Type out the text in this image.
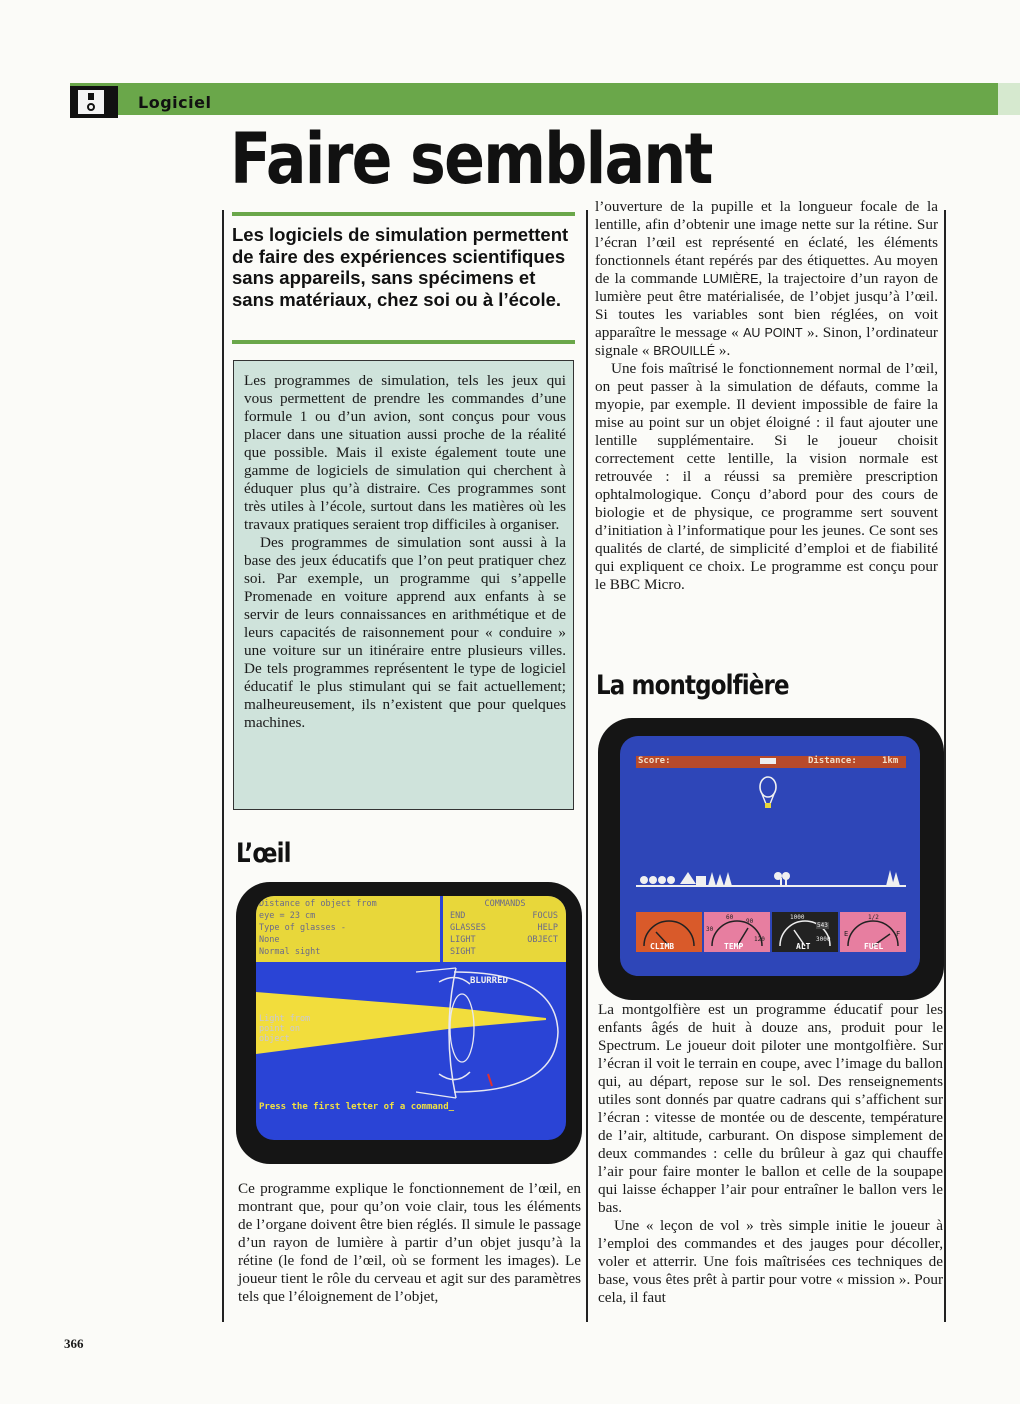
Logiciel
Faire semblant
Les logiciels de simulation permettent de faire des expériences scientifiques sans appareils, sans spécimens et sans matériaux, chez soi ou à l’école.

Les programmes de simulation, tels les jeux qui vous permettent de prendre les commandes d’une formule 1 ou d’un avion, sont conçus pour vous placer dans une situation aussi proche de la réalité que possible. Mais il existe également toute une gamme de logiciels de simulation qui cherchent à éduquer plus qu’à distraire. Ces programmes sont très utiles à l’école, surtout dans les matières où les travaux pratiques seraient trop difficiles à organiser.

Des programmes de simulation sont aussi à la base des jeux éducatifs que l’on peut pratiquer chez soi. Par exemple, un programme qui s’appelle Promenade en voiture apprend aux enfants à se servir de leurs connaissances en arithmétique et de leurs capacités de raisonnement pour « conduire » une voiture sur un itinéraire entre plusieurs villes. De tels programmes représentent le type de logiciel éducatif le plus stimulant qui se fait actuellement; malheureusement, ils n’existent que pour quelques machines.

L’œil
Distance of object from
eye = 23 cm
Type of glasses -
None
Normal sight
COMMANDS
END	FOCUS
GLASSES	HELP
LIGHT	OBJECT
SIGHT
BLURRED
Light from
point on
object
Press the first letter of a command_

Ce programme explique le fonctionnement de l’œil, en montrant que, pour qu’on voie clair, tous les éléments de l’organe doivent être bien réglés. Il simule le passage d’un rayon de lumière à partir d’un objet jusqu’à la rétine (le fond de l’œil, où se forment les images). Le joueur tient le rôle du cerveau et agit sur des paramètres tels que l’éloignement de l’objet,

l’ouverture de la pupille et la longueur focale de la lentille, afin d’obtenir une image nette sur la rétine. Sur l’écran l’œil est représenté en éclaté, les éléments fonctionnels étant repérés par des étiquettes. Au moyen de la commande LUMIÈRE, la trajectoire d’un rayon de lumière peut être matérialisée, de l’objet jusqu’à l’œil. Si toutes les variables sont bien réglées, on voit apparaître le message « AU POINT ». Sinon, l’ordinateur signale « BROUILLÉ ».

Une fois maîtrisé le fonctionnement normal de l’œil, on peut passer à la simulation de défauts, comme la myopie, par exemple. Il devient impossible de faire la mise au point sur un objet éloigné : il faut ajouter une lentille supplémentaire. Si le joueur choisit correctement cette lentille, la vision normale est retrouvée : il a réussi sa première prescription ophtalmologique. Conçu d’abord pour des cours de biologie et de physique, ce programme sert souvent d’initiation à l’informatique pour les jeunes. Ce sont ses qualités de clarté, de simplicité d’emploi et de fiabilité qui expliquent ce choix. Le programme est conçu pour le BBC Micro.

La montgolfière
Score:	Distance:	1km
CLIMB
30
60
90
120
TEMP
1000
543
3000
ALT
E
1/2
F
FUEL

La montgolfière est un programme éducatif pour les enfants âgés de huit à douze ans, produit pour le Spectrum. Le joueur doit piloter une montgolfière. Sur l’écran il voit le terrain en coupe, avec l’image du ballon qui, au départ, repose sur le sol. Des renseignements utiles sont donnés par quatre cadrans qui s’affichent sur l’écran : vitesse de montée ou de descente, température de l’air, altitude, carburant. On dispose simplement de deux commandes : celle du brûleur à gaz qui chauffe l’air pour faire monter le ballon et celle de la soupape qui laisse échapper l’air pour entraîner le ballon vers le bas.

Une « leçon de vol » très simple initie le joueur à l’emploi des commandes et des jauges pour décoller, voler et atterrir. Une fois maîtrisées ces techniques de base, vous êtes prêt à partir pour votre « mission ». Pour cela, il faut

366
